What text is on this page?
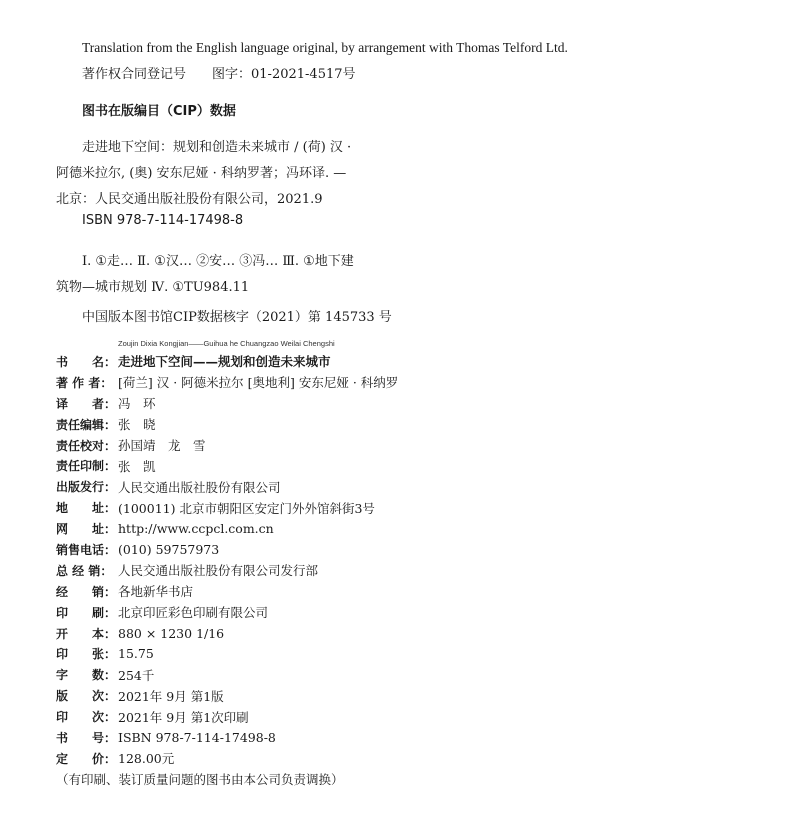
Translation from the English language original, by arrangement with Thomas Telford Ltd.
著作权合同登记号 图字：01-2021-4517号
图书在版编目（CIP）数据
走进地下空间：规划和创造未来城市 / (荷) 汉 ·
阿德米拉尔, (奥) 安东尼娅 · 科纳罗著；冯环译. —
北京：人民交通出版社股份有限公司，2021.9
ISBN 978-7-114-17498-8
Ⅰ. ①走… Ⅱ. ①汉… ②安… ③冯… Ⅲ. ①地下建
筑物—城市规划 Ⅳ. ①TU984.11
中国版本图书馆CIP数据核字（2021）第 145733 号
Zoujin Dixia Kongjian——Guihua he Chuangzao Weilai Chengshi
书　　名： 走进地下空间——规划和创造未来城市
著 作 者： [荷兰] 汉 · 阿德米拉尔 [奥地利] 安东尼娅 · 科纳罗
译　　者： 冯　环
责任编辑： 张　晓
责任校对： 孙国靖　龙　雪
责任印制： 张　凯
出版发行： 人民交通出版社股份有限公司
地　　址： (100011) 北京市朝阳区安定门外外馆斜街3号
网　　址： http://www.ccpcl.com.cn
销售电话： (010) 59757973
总 经 销： 人民交通出版社股份有限公司发行部
经　　销： 各地新华书店
印　　刷： 北京印匠彩色印刷有限公司
开　　本： 880 × 1230 1/16
印　　张： 15.75
字　　数： 254千
版　　次： 2021年 9月 第1版
印　　次： 2021年 9月 第1次印刷
书　　号： ISBN 978-7-114-17498-8
定　　价： 128.00元
（有印刷、装订质量问题的图书由本公司负责调换）
